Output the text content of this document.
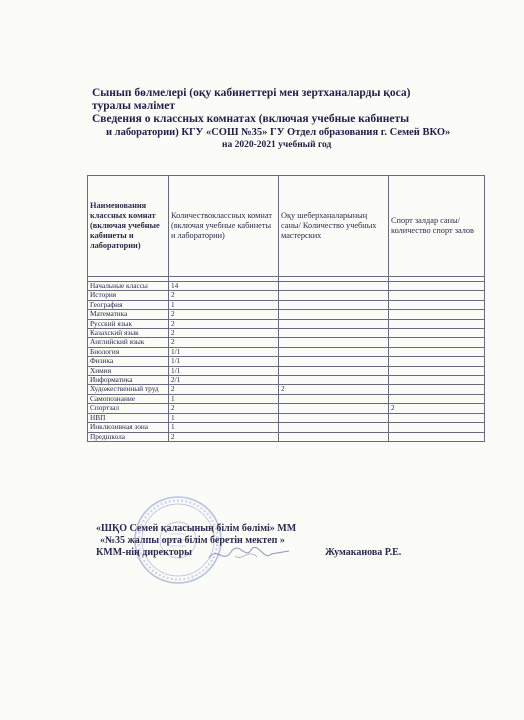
Сынып бөлмелері (оқу кабинеттері мен зертханаларды қоса)
туралы мәлімет
Сведения о классных комнатах (включая учебные кабинеты
и лаборатории) КГУ «СОШ №35» ГУ Отдел образования г. Семей ВКО»
на 2020-2021 учебный год
Наименования классных комнат (включая учебные кабинеты и лаборатории)	Количествоклассных комнат (включая учебные кабинеты и лаборатории)	Оқу шеберханаларының саны/ Количество учебных мастерских	Спорт залдар саны/количество спорт залов

Начальные классы	14		
История	2		
География	1		
Математика	2		
Русский язык	2		
Казахский язык	2		
Английский язык	2		
Биология	1/1		
Физика	1/1		
Химия	1/1		
Информатика	2/1		
Художественный труд	2	2	
Самопознание	1		
Спортзал	2		2
НВП	1		
Инклюзивная зона	1		
Предшкола	2		
«ШҚО Семей қаласының білім бөлімі» ММ
«№35 жалпы орта білім беретін мектеп »
КММ-нің директоры	Жумаканова Р.Е.
